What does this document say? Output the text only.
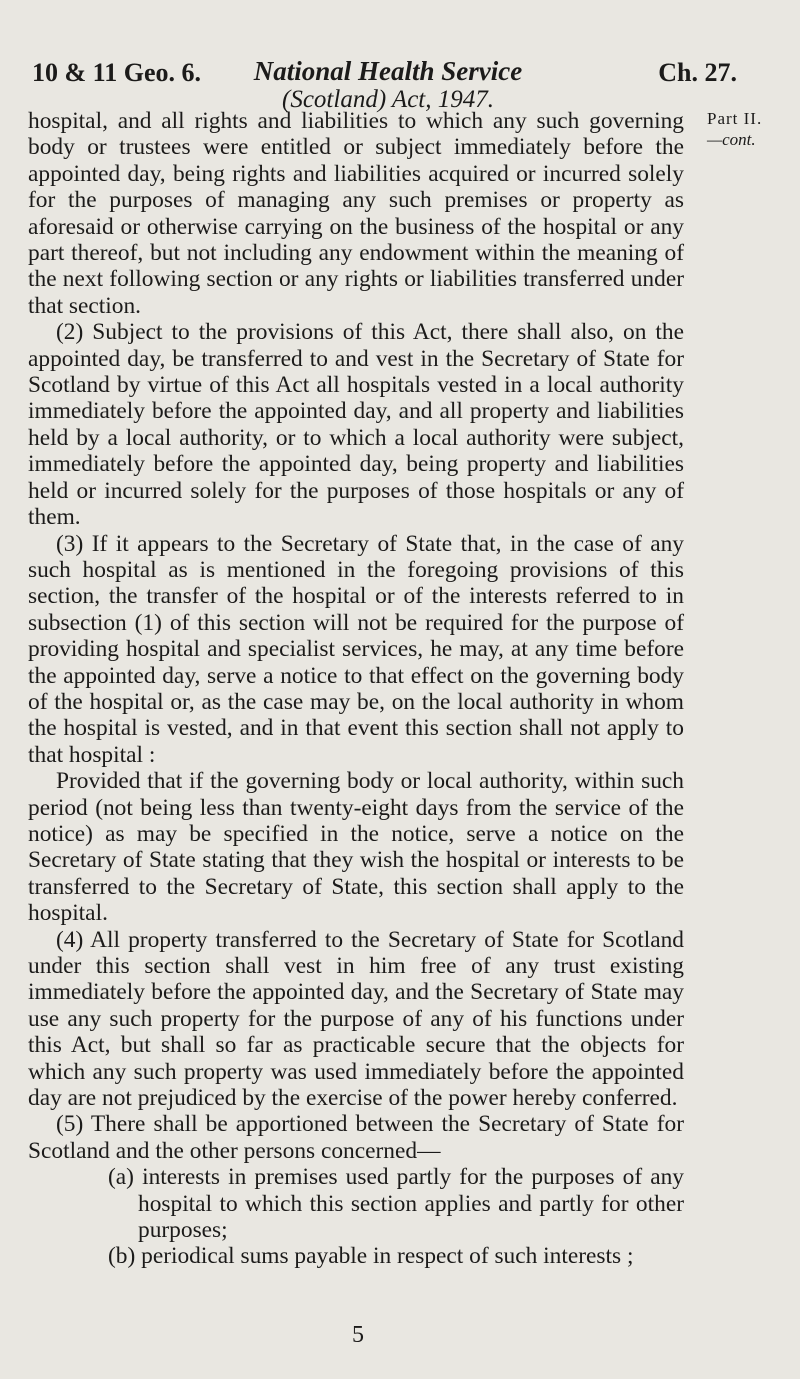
10 & 11 Geo. 6.	National Health Service
(Scotland) Act, 1947.
Ch. 27.
Part II.
—cont.

hospital, and all rights and liabilities to which any such governing body or trustees were entitled or subject immediately before the appointed day, being rights and liabilities acquired or incurred solely for the purposes of managing any such premises or property as aforesaid or otherwise carrying on the business of the hospital or any part thereof, but not including any endowment within the meaning of the next following section or any rights or liabilities transferred under that section.

(2) Subject to the provisions of this Act, there shall also, on the appointed day, be transferred to and vest in the Secretary of State for Scotland by virtue of this Act all hospitals vested in a local authority immediately before the appointed day, and all property and liabilities held by a local authority, or to which a local authority were subject, immediately before the appointed day, being property and liabilities held or incurred solely for the purposes of those hospitals or any of them.

(3) If it appears to the Secretary of State that, in the case of any such hospital as is mentioned in the foregoing provisions of this section, the transfer of the hospital or of the interests referred to in subsection (1) of this section will not be required for the purpose of providing hospital and specialist services, he may, at any time before the appointed day, serve a notice to that effect on the governing body of the hospital or, as the case may be, on the local authority in whom the hospital is vested, and in that event this section shall not apply to that hospital :

Provided that if the governing body or local authority, within such period (not being less than twenty-eight days from the service of the notice) as may be specified in the notice, serve a notice on the Secretary of State stating that they wish the hospital or interests to be transferred to the Secretary of State, this section shall apply to the hospital.

(4) All property transferred to the Secretary of State for Scotland under this section shall vest in him free of any trust existing immediately before the appointed day, and the Secretary of State may use any such property for the purpose of any of his functions under this Act, but shall so far as practicable secure that the objects for which any such property was used immediately before the appointed day are not prejudiced by the exercise of the power hereby conferred.

(5) There shall be apportioned between the Secretary of State for Scotland and the other persons concerned—

(a) interests in premises used partly for the purposes of any hospital to which this section applies and partly for other purposes;

(b) periodical sums payable in respect of such interests ;

5
